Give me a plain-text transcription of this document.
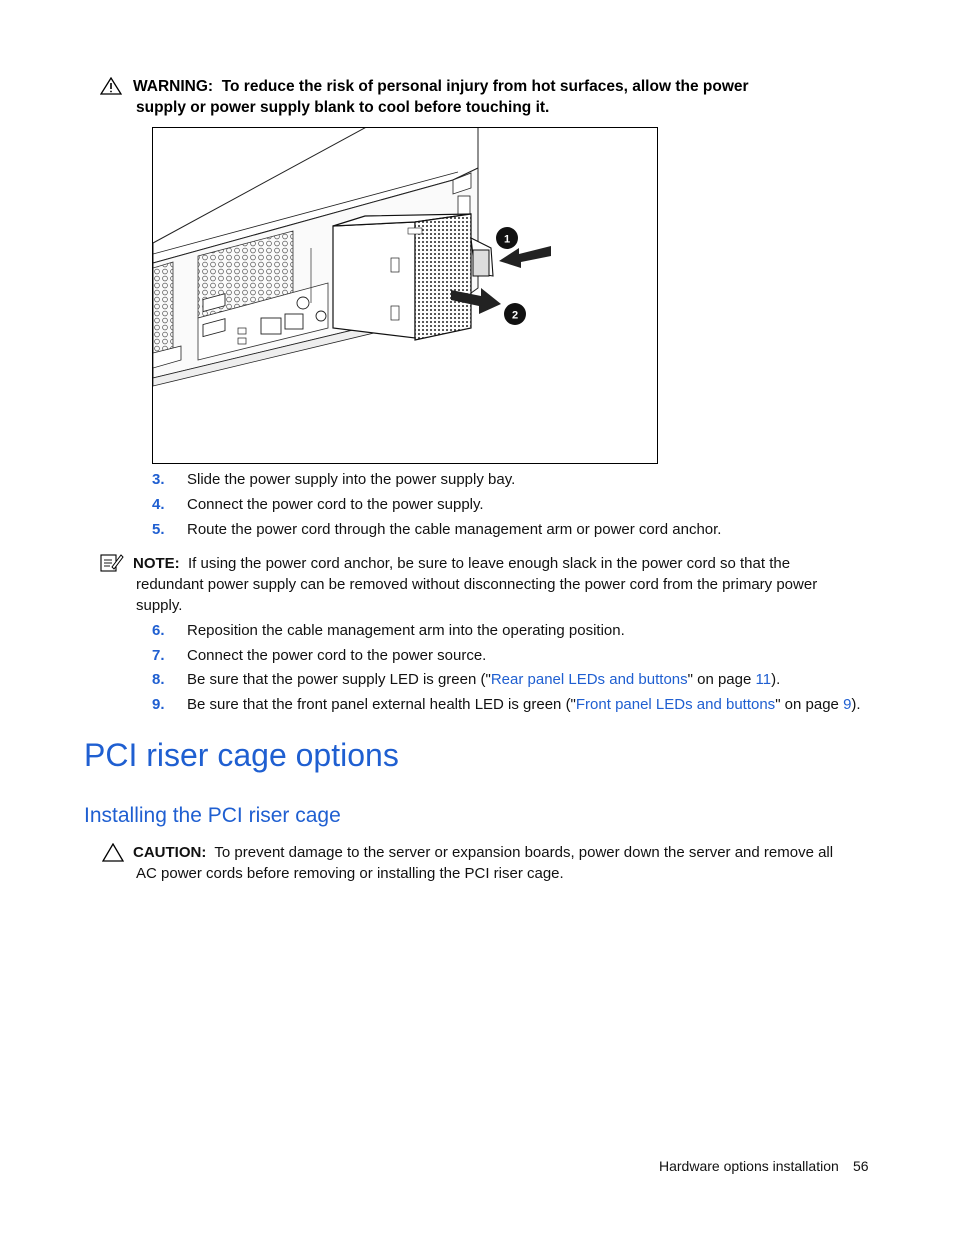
WARNING: To reduce the risk of personal injury from hot surfaces, allow the power
supply or power supply blank to cool before touching it.
1
2
3. Slide the power supply into the power supply bay.
4. Connect the power cord to the power supply.
5. Route the power cord through the cable management arm or power cord anchor.
NOTE: If using the power cord anchor, be sure to leave enough slack in the power cord so that the
redundant power supply can be removed without disconnecting the power cord from the primary power
supply.
6. Reposition the cable management arm into the operating position.
7. Connect the power cord to the power source.
8. Be sure that the power supply LED is green ("Rear panel LEDs and buttons" on page 11).
9. Be sure that the front panel external health LED is green ("Front panel LEDs and buttons" on page 9).
PCI riser cage options
Installing the PCI riser cage
CAUTION: To prevent damage to the server or expansion boards, power down the server and remove all
AC power cords before removing or installing the PCI riser cage.
Hardware options installation 56
